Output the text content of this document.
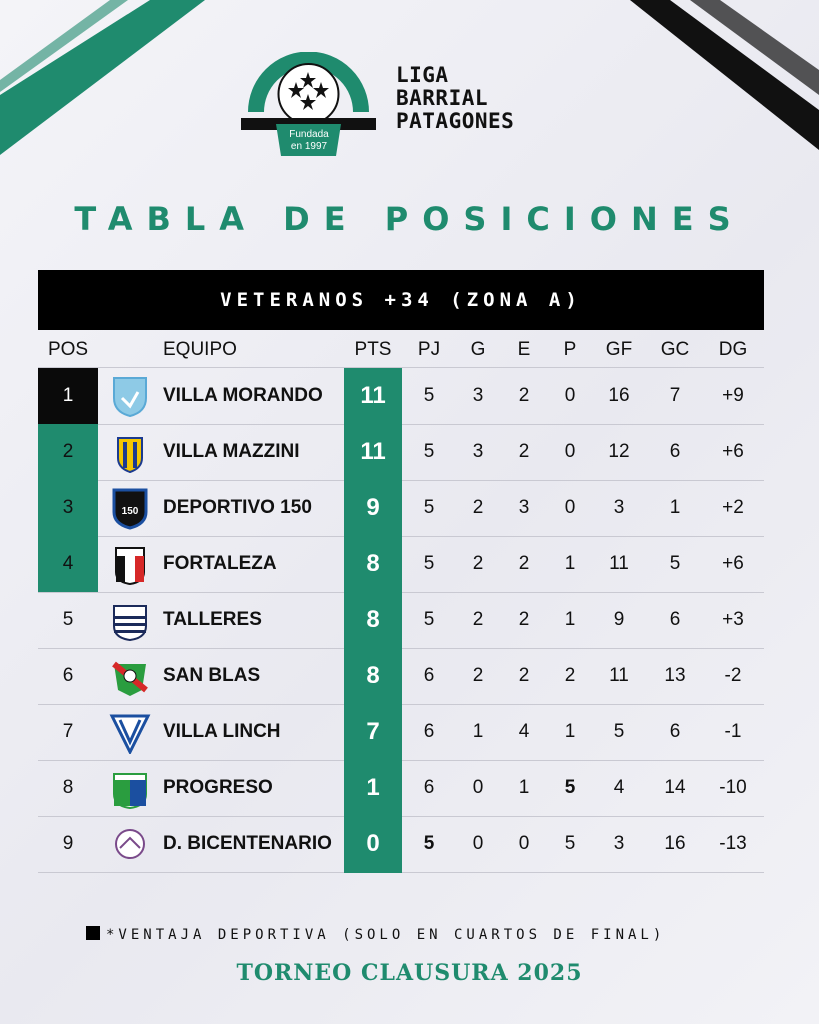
Fundada
en 1997
LIGA
BARRIAL
PATAGONES
TABLA DE POSICIONES
VETERANOS +34 (ZONA A)
POS	EQUIPO	PTS	PJ	G	E	P	GF	GC	DG
1	VILLA MORANDO	11	5	3	2	0	16	7	+9
2	VILLA MAZZINI	11	5	3	2	0	12	6	+6
3	150 DEPORTIVO 150	9	5	2	3	0	3	1	+2
4	FORTALEZA	8	5	2	2	1	11	5	+6
5	TALLERES	8	5	2	2	1	9	6	+3
6	SAN BLAS	8	6	2	2	2	11	13	-2
7	VILLA LINCH	7	6	1	4	1	5	6	-1
8	PROGRESO	1	6	0	1	5	4	14	-10
9	D. BICENTENARIO	0	5	0	0	5	3	16	-13
*VENTAJA DEPORTIVA (SOLO EN CUARTOS DE FINAL)
TORNEO CLAUSURA 2025
